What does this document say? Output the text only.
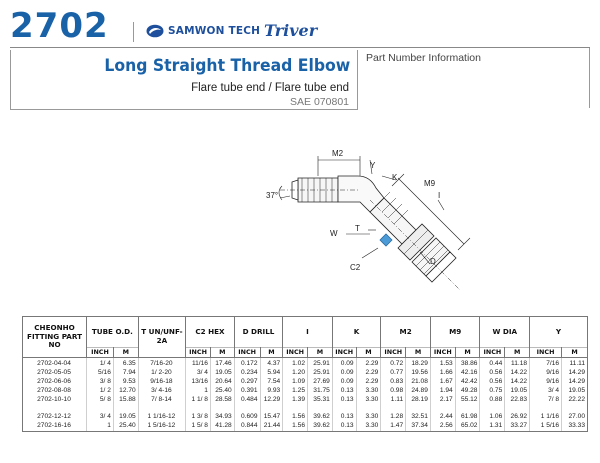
2702	SAMWON TECH Triver
Long Straight Thread Elbow
Flare tube end / Flare tube end
SAE 070801
Part Number Information
M2
Y
K
M9
37°
W
T
I
D
C2
CHEONHO FITTING PART NO	TUBE O.D.		T UN/UNF-2A	C2 HEX		D DRILL		I		K		M2		M9		W DIA		Y	
	INCH	M		INCH	M	INCH	M	INCH	M	INCH	M	INCH	M	INCH	M	INCH	M	INCH	M
2702-04-04	1/ 4	6.35	7/16-20	11/16	17.46	0.172	4.37	1.02	25.91	0.09	2.29	0.72	18.29	1.53	38.86	0.44	11.18	7/16	11.11
2702-05-05	5/16	7.94	1/ 2-20	3/ 4	19.05	0.234	5.94	1.20	25.91	0.09	2.29	0.77	19.56	1.66	42.16	0.56	14.22	9/16	14.29
2702-06-06	3/ 8	9.53	9/16-18	13/16	20.64	0.297	7.54	1.09	27.69	0.09	2.29	0.83	21.08	1.67	42.42	0.56	14.22	9/16	14.29
2702-08-08	1/ 2	12.70	3/ 4-16	1	25.40	0.391	9.93	1.25	31.75	0.13	3.30	0.98	24.89	1.94	49.28	0.75	19.05	3/ 4	19.05
2702-10-10	5/ 8	15.88	7/ 8-14	1 1/ 8	28.58	0.484	12.29	1.39	35.31	0.13	3.30	1.11	28.19	2.17	55.12	0.88	22.83	7/ 8	22.22

2702-12-12	3/ 4	19.05	1 1/16-12	1 3/ 8	34.93	0.609	15.47	1.56	39.62	0.13	3.30	1.28	32.51	2.44	61.98	1.06	26.92	1 1/16	27.00
2702-16-16	1	25.40	1 5/16-12	1 5/ 8	41.28	0.844	21.44	1.56	39.62	0.13	3.30	1.47	37.34	2.56	65.02	1.31	33.27	1 5/16	33.33
